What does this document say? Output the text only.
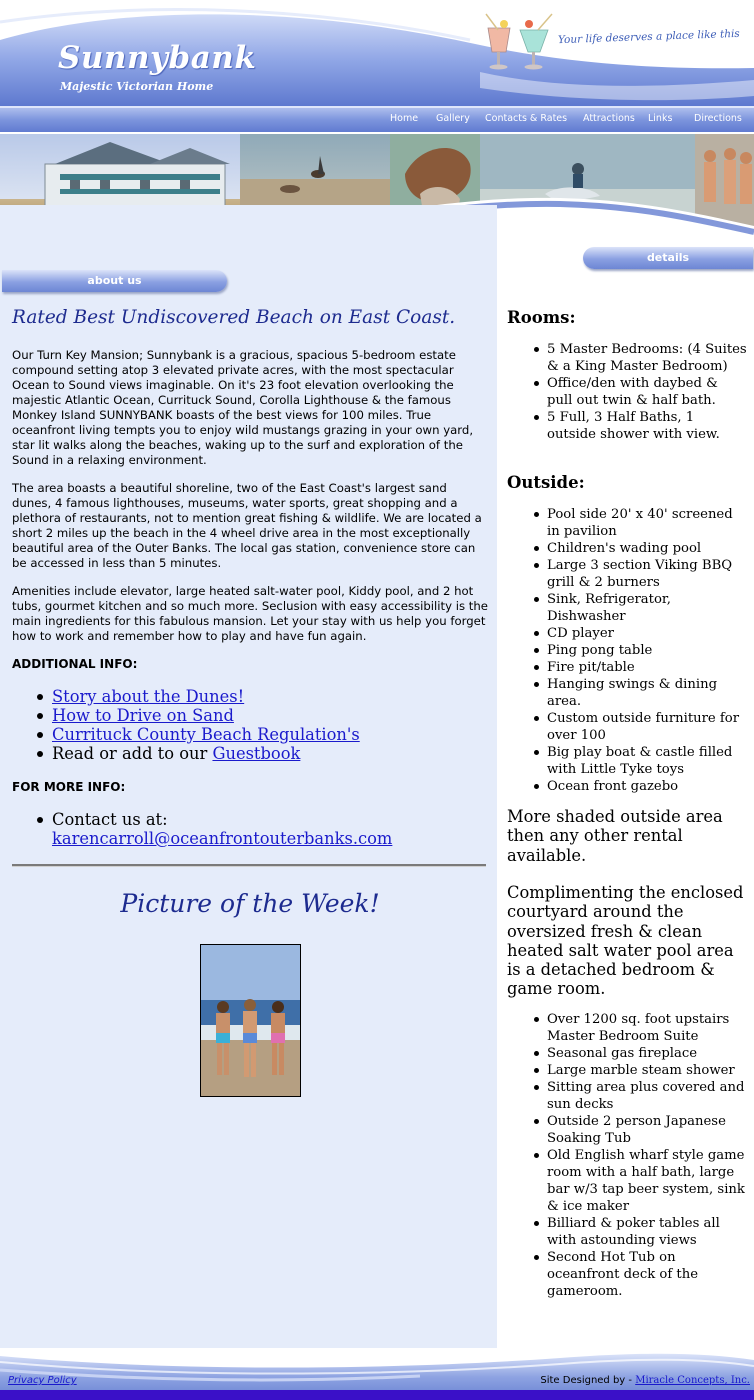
Sunnybank
Majestic Victorian Home
Your life deserves a place like this
Home Gallery Contacts & Rates Attractions Links Directions
about us
details
Rated Best Undiscovered Beach on East Coast.

Our Turn Key Mansion; Sunnybank is a gracious, spacious 5-bedroom estate compound setting atop 3 elevated private acres, with the most spectacular Ocean to Sound views imaginable. On it's 23 foot elevation overlooking the majestic Atlantic Ocean, Currituck Sound, Corolla Lighthouse & the famous Monkey Island SUNNYBANK boasts of the best views for 100 miles. True oceanfront living tempts you to enjoy wild mustangs grazing in your own yard, star lit walks along the beaches, waking up to the surf and exploration of the Sound in a relaxing environment.

The area boasts a beautiful shoreline, two of the East Coast's largest sand dunes, 4 famous lighthouses, museums, water sports, great shopping and a plethora of restaurants, not to mention great fishing & wildlife. We are located a short 2 miles up the beach in the 4 wheel drive area in the most exceptionally beautiful area of the Outer Banks. The local gas station, convenience store can be accessed in less than 5 minutes.

Amenities include elevator, large heated salt-water pool, Kiddy pool, and 2 hot tubs, gourmet kitchen and so much more. Seclusion with easy accessibility is the main ingredients for this fabulous mansion. Let your stay with us help you forget how to work and remember how to play and have fun again.

ADDITIONAL INFO:
Story about the Dunes!
How to Drive on Sand
Currituck County Beach Regulation's
Read or add to our Guestbook
FOR MORE INFO:
Contact us at:
karencarroll@oceanfrontouterbanks.com
Picture of the Week!
Rooms:
5 Master Bedrooms: (4 Suites & a King Master Bedroom)
Office/den with daybed & pull out twin & half bath.
5 Full, 3 Half Baths, 1 outside shower with view.
Outside:
Pool side 20' x 40' screened in pavilion
Children's wading pool
Large 3 section Viking BBQ grill & 2 burners
Sink, Refrigerator, Dishwasher
CD player
Ping pong table
Fire pit/table
Hanging swings & dining area.
Custom outside furniture for over 100
Big play boat & castle filled with Little Tyke toys
Ocean front gazebo

More shaded outside area then any other rental available.

Complimenting the enclosed courtyard around the oversized fresh & clean heated salt water pool area is a detached bedroom & game room.

Over 1200 sq. foot upstairs Master Bedroom Suite
Seasonal gas fireplace
Large marble steam shower
Sitting area plus covered and sun decks
Outside 2 person Japanese Soaking Tub
Old English wharf style game room with a half bath, large bar w/3 tap beer system, sink & ice maker
Billiard & poker tables all with astounding views
Second Hot Tub on oceanfront deck of the gameroom.
Privacy Policy	Site Designed by - Miracle Concepts, Inc.
